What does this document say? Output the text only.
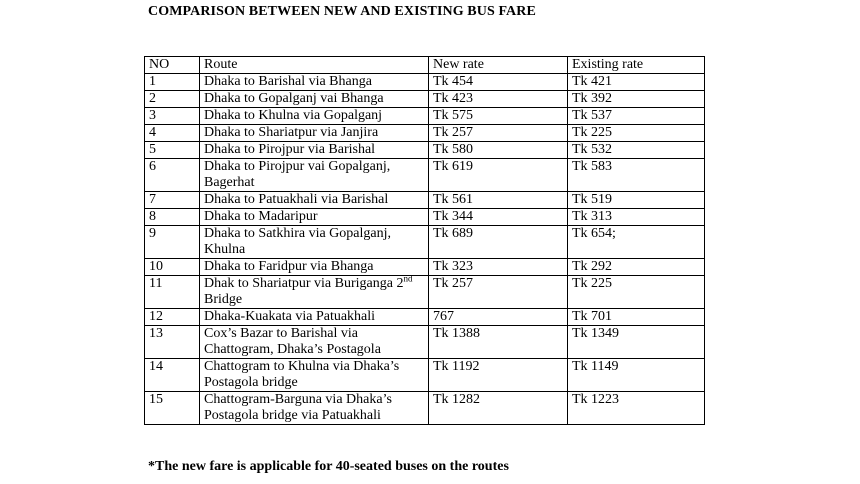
COMPARISON BETWEEN NEW AND EXISTING BUS FARE
NO	Route	New rate	Existing rate
1	Dhaka to Barishal via Bhanga	Tk 454	Tk 421
2	Dhaka to Gopalganj vai Bhanga	Tk 423	Tk 392
3	Dhaka to Khulna via Gopalganj	Tk 575	Tk 537
4	Dhaka to Shariatpur via Janjira	Tk 257	Tk 225
5	Dhaka to Pirojpur via Barishal	Tk 580	Tk 532
6	Dhaka to Pirojpur vai Gopalganj, Bagerhat	Tk 619	Tk 583
7	Dhaka to Patuakhali via Barishal	Tk 561	Tk 519
8	Dhaka to Madaripur	Tk 344	Tk 313
9	Dhaka to Satkhira via Gopalganj, Khulna	Tk 689	Tk 654;
10	Dhaka to Faridpur via Bhanga	Tk 323	Tk 292
11	Dhak to Shariatpur via Buriganga 2nd Bridge	Tk 257	Tk 225
12	Dhaka-Kuakata via Patuakhali	767	Tk 701
13	Cox’s Bazar to Barishal via Chattogram, Dhaka’s Postagola	Tk 1388	Tk 1349
14	Chattogram to Khulna via Dhaka’s Postagola bridge	Tk 1192	Tk 1149
15	Chattogram-Barguna via Dhaka’s Postagola bridge via Patuakhali	Tk 1282	Tk 1223
*The new fare is applicable for 40-seated buses on the routes
